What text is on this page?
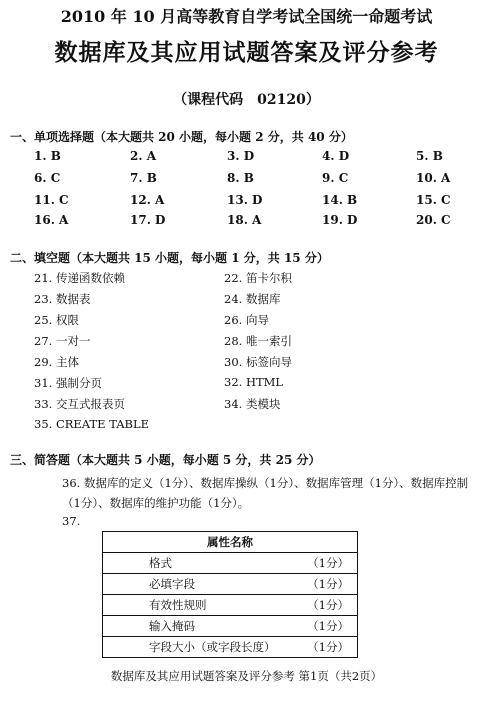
2010 年 10 月高等教育自学考试全国统一命题考试
数据库及其应用试题答案及评分参考
（课程代码　02120）
一、单项选择题（本大题共 20 小题，每小题 2 分，共 40 分）
1. B	2. A	3. D	4. D	5. B
6. C	7. B	8. B	9. C	10. A
11. C	12. A	13. D	14. B	15. C
16. A	17. D	18. A	19. D	20. C
二、填空题（本大题共 15 小题，每小题 1 分，共 15 分）
21. 传递函数依赖	22. 笛卡尔积
23. 数据表	24. 数据库
25. 权限	26. 向导
27. 一对一	28. 唯一索引
29. 主体	30. 标签向导
31. 强制分页	32. HTML
33. 交互式报表页	34. 类模块
35. CREATE TABLE
三、简答题（本大题共 5 小题，每小题 5 分，共 25 分）
36. 数据库的定义（1分）、数据库操纵（1分）、数据库管理（1分）、数据库控制（1分）、数据库的维护功能（1分）。
37.
属性名称	
格式	（1分）
必填字段	（1分）
有效性规则	（1分）
输入掩码	（1分）
字段大小（或字段长度）	（1分）
数据库及其应用试题答案及评分参考 第1页（共2页）
